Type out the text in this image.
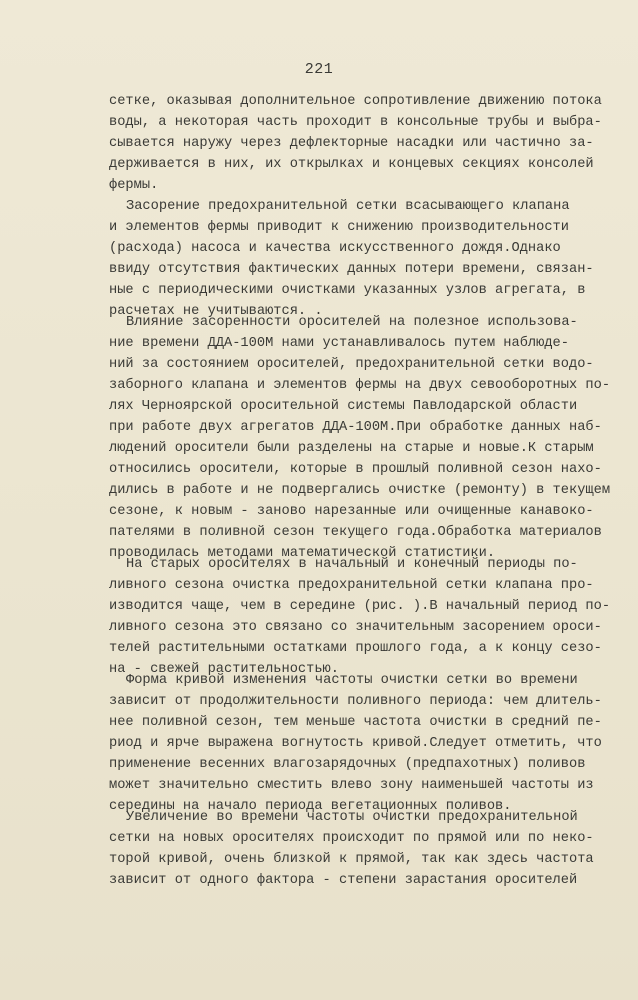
221
сетке, оказывая дополнительное сопротивление движению потока
воды, а некоторая часть проходит в консольные трубы и выбра-
сывается наружу через дефлекторные насадки или частично за-
держивается в них, их открылках и концевых секциях консолей
фермы.
Засорение предохранительной сетки всасывающего клапана
и элементов фермы приводит к снижению производительности
(расхода) насоса и качества искусственного дождя.Однако
ввиду отсутствия фактических данных потери времени, связан-
ные с периодическими очистками указанных узлов агрегата, в
расчетах не учитываются. .
Влияние засоренности оросителей на полезное использова-
ние времени ДДА-100М нами устанавливалось путем наблюде-
ний за состоянием оросителей, предохранительной сетки водо-
заборного клапана и элементов фермы на двух севооборотных по-
лях Чернояpской оросительной системы Павлодарской области
при работе двух агрегатов ДДА-100М.При обработке данных наб-
людений оросители были разделены на старые и новые.К старым
относились оросители, которые в прошлый поливной сезон нахо-
дились в работе и не подвергались очистке (ремонту) в текущем
сезоне, к новым - заново нарезанные или очищенные канавоко-
пателями в поливной сезон текущего года.Обработка материалов
проводилась методами математической статистики.
На старых оросителях в начальный и конечный периоды по-
ливного сезона очистка предохранительной сетки клапана про-
изводится чаще, чем в середине (рис. ).В начальный период по-
ливного сезона это связано со значительным засорением ороси-
телей растительными остатками прошлого года, а к концу сезо-
на - свежей растительностью.
Форма кривой изменения частоты очистки сетки во времени
зависит от продолжительности поливного периода: чем длитель-
нее поливной сезон, тем меньше частота очистки в средний пе-
риод и ярче выражена вогнутость кривой.Следует отметить, что
применение весенних влагозарядочных (предпахотных) поливов
может значительно сместить влево зону наименьшей частоты из
середины на начало периода вегетационных поливов.
Увеличение во времени частоты очистки предохранительной
сетки на новых оросителях происходит по прямой или по неко-
торой кривой, очень близкой к прямой, так как здесь частота
зависит от одного фактора - степени зарастания оросителей
